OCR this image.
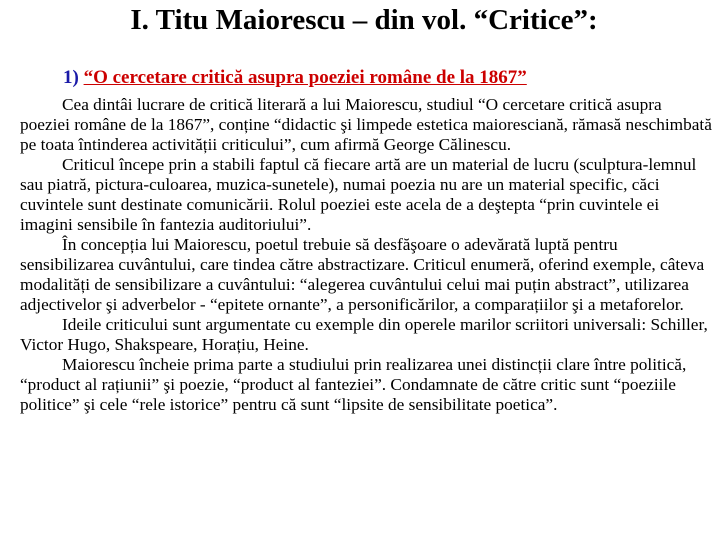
I. Titu Maiorescu – din vol. “Critice”:
1) “O cercetare critică asupra poeziei române de la 1867”

Cea dintâi lucrare de critică literară a lui Maiorescu, studiul “O cercetare critică asupra poeziei române de la 1867”, conține “didactic şi limpede estetica maioresciană, rămasă neschimbată pe toata întinderea activității criticului”, cum afirmă George Călinescu.

Criticul începe prin a stabili faptul că fiecare artă are un material de lucru (sculptura-lemnul sau piatră, pictura-culoarea, muzica-sunetele), numai poezia nu are un material specific, căci cuvintele sunt destinate comunicării. Rolul poeziei este acela de a deştepta “prin cuvintele ei imagini sensibile în fantezia auditoriului”.

În concepția lui Maiorescu, poetul trebuie să desfăşoare o adevărată luptă pentru sensibilizarea cuvântului, care tindea către abstractizare. Criticul enumeră, oferind exemple, câteva modalități de sensibilizare a cuvântului: “alegerea cuvântului celui mai puțin abstract”, utilizarea adjectivelor şi adverbelor - “epitete ornante”, a personificărilor, a comparațiilor şi a metaforelor.

Ideile criticului sunt argumentate cu exemple din operele marilor scriitori universali: Schiller, Victor Hugo, Shakspeare, Horațiu, Heine.

Maiorescu încheie prima parte a studiului prin realizarea unei distincții clare între politică, “product al rațiunii” şi poezie, “product al fanteziei”. Condamnate de către critic sunt “poeziile politice” şi cele “rele istorice” pentru că sunt “lipsite de sensibilitate poetica”.
